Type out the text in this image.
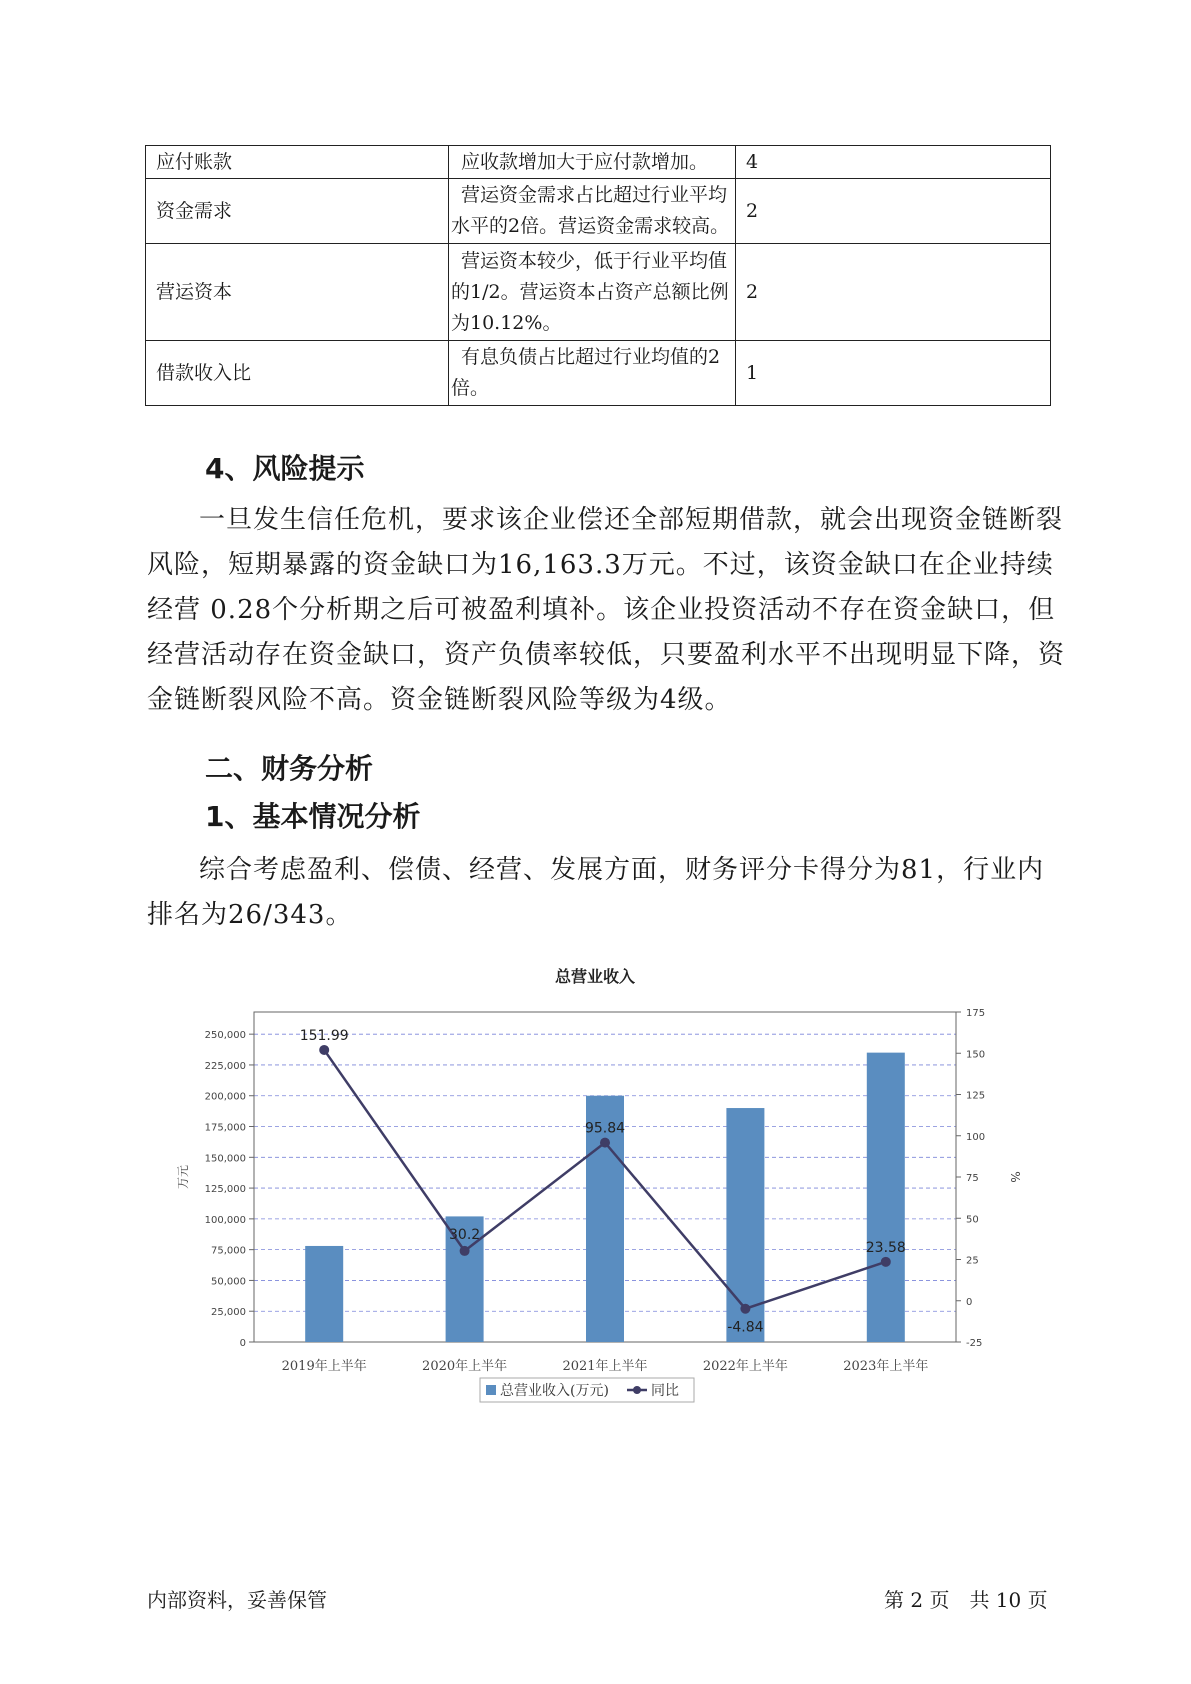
应付账款	应收款增加大于应付款增加。	4
资金需求	营运资金需求占比超过行业平均水平的2倍。营运资金需求较高。	2
营运资本	营运资本较少，低于行业平均值的1/2。营运资本占资产总额比例为10.12%。	2
借款收入比	有息负债占比超过行业均值的2倍。	1
4、风险提示

一旦发生信任危机，要求该企业偿还全部短期借款，就会出现资金链断裂风险，短期暴露的资金缺口为16,163.3万元。不过，该资金缺口在企业持续经营 0.28个分析期之后可被盈利填补。该企业投资活动不存在资金缺口，但经营活动存在资金缺口，资产负债率较低，只要盈利水平不出现明显下降，资金链断裂风险不高。资金链断裂风险等级为4级。

二、财务分析
1、基本情况分析

综合考虑盈利、偿债、经营、发展方面，财务评分卡得分为81，行业内排名为26/343。

总营业收入
0
25,000
50,000
75,000
100,000
125,000
150,000
175,000
200,000
225,000
250,000
-25
0
25
50
75
100
125
150
175
2019年上半年	2020年上半年	2021年上半年	2022年上半年	2023年上半年
151.99
30.2
95.84
-4.84
23.58
万元	%
总营业收入(万元)	同比
内部资料，妥善保管	第 2 页　共 10 页
